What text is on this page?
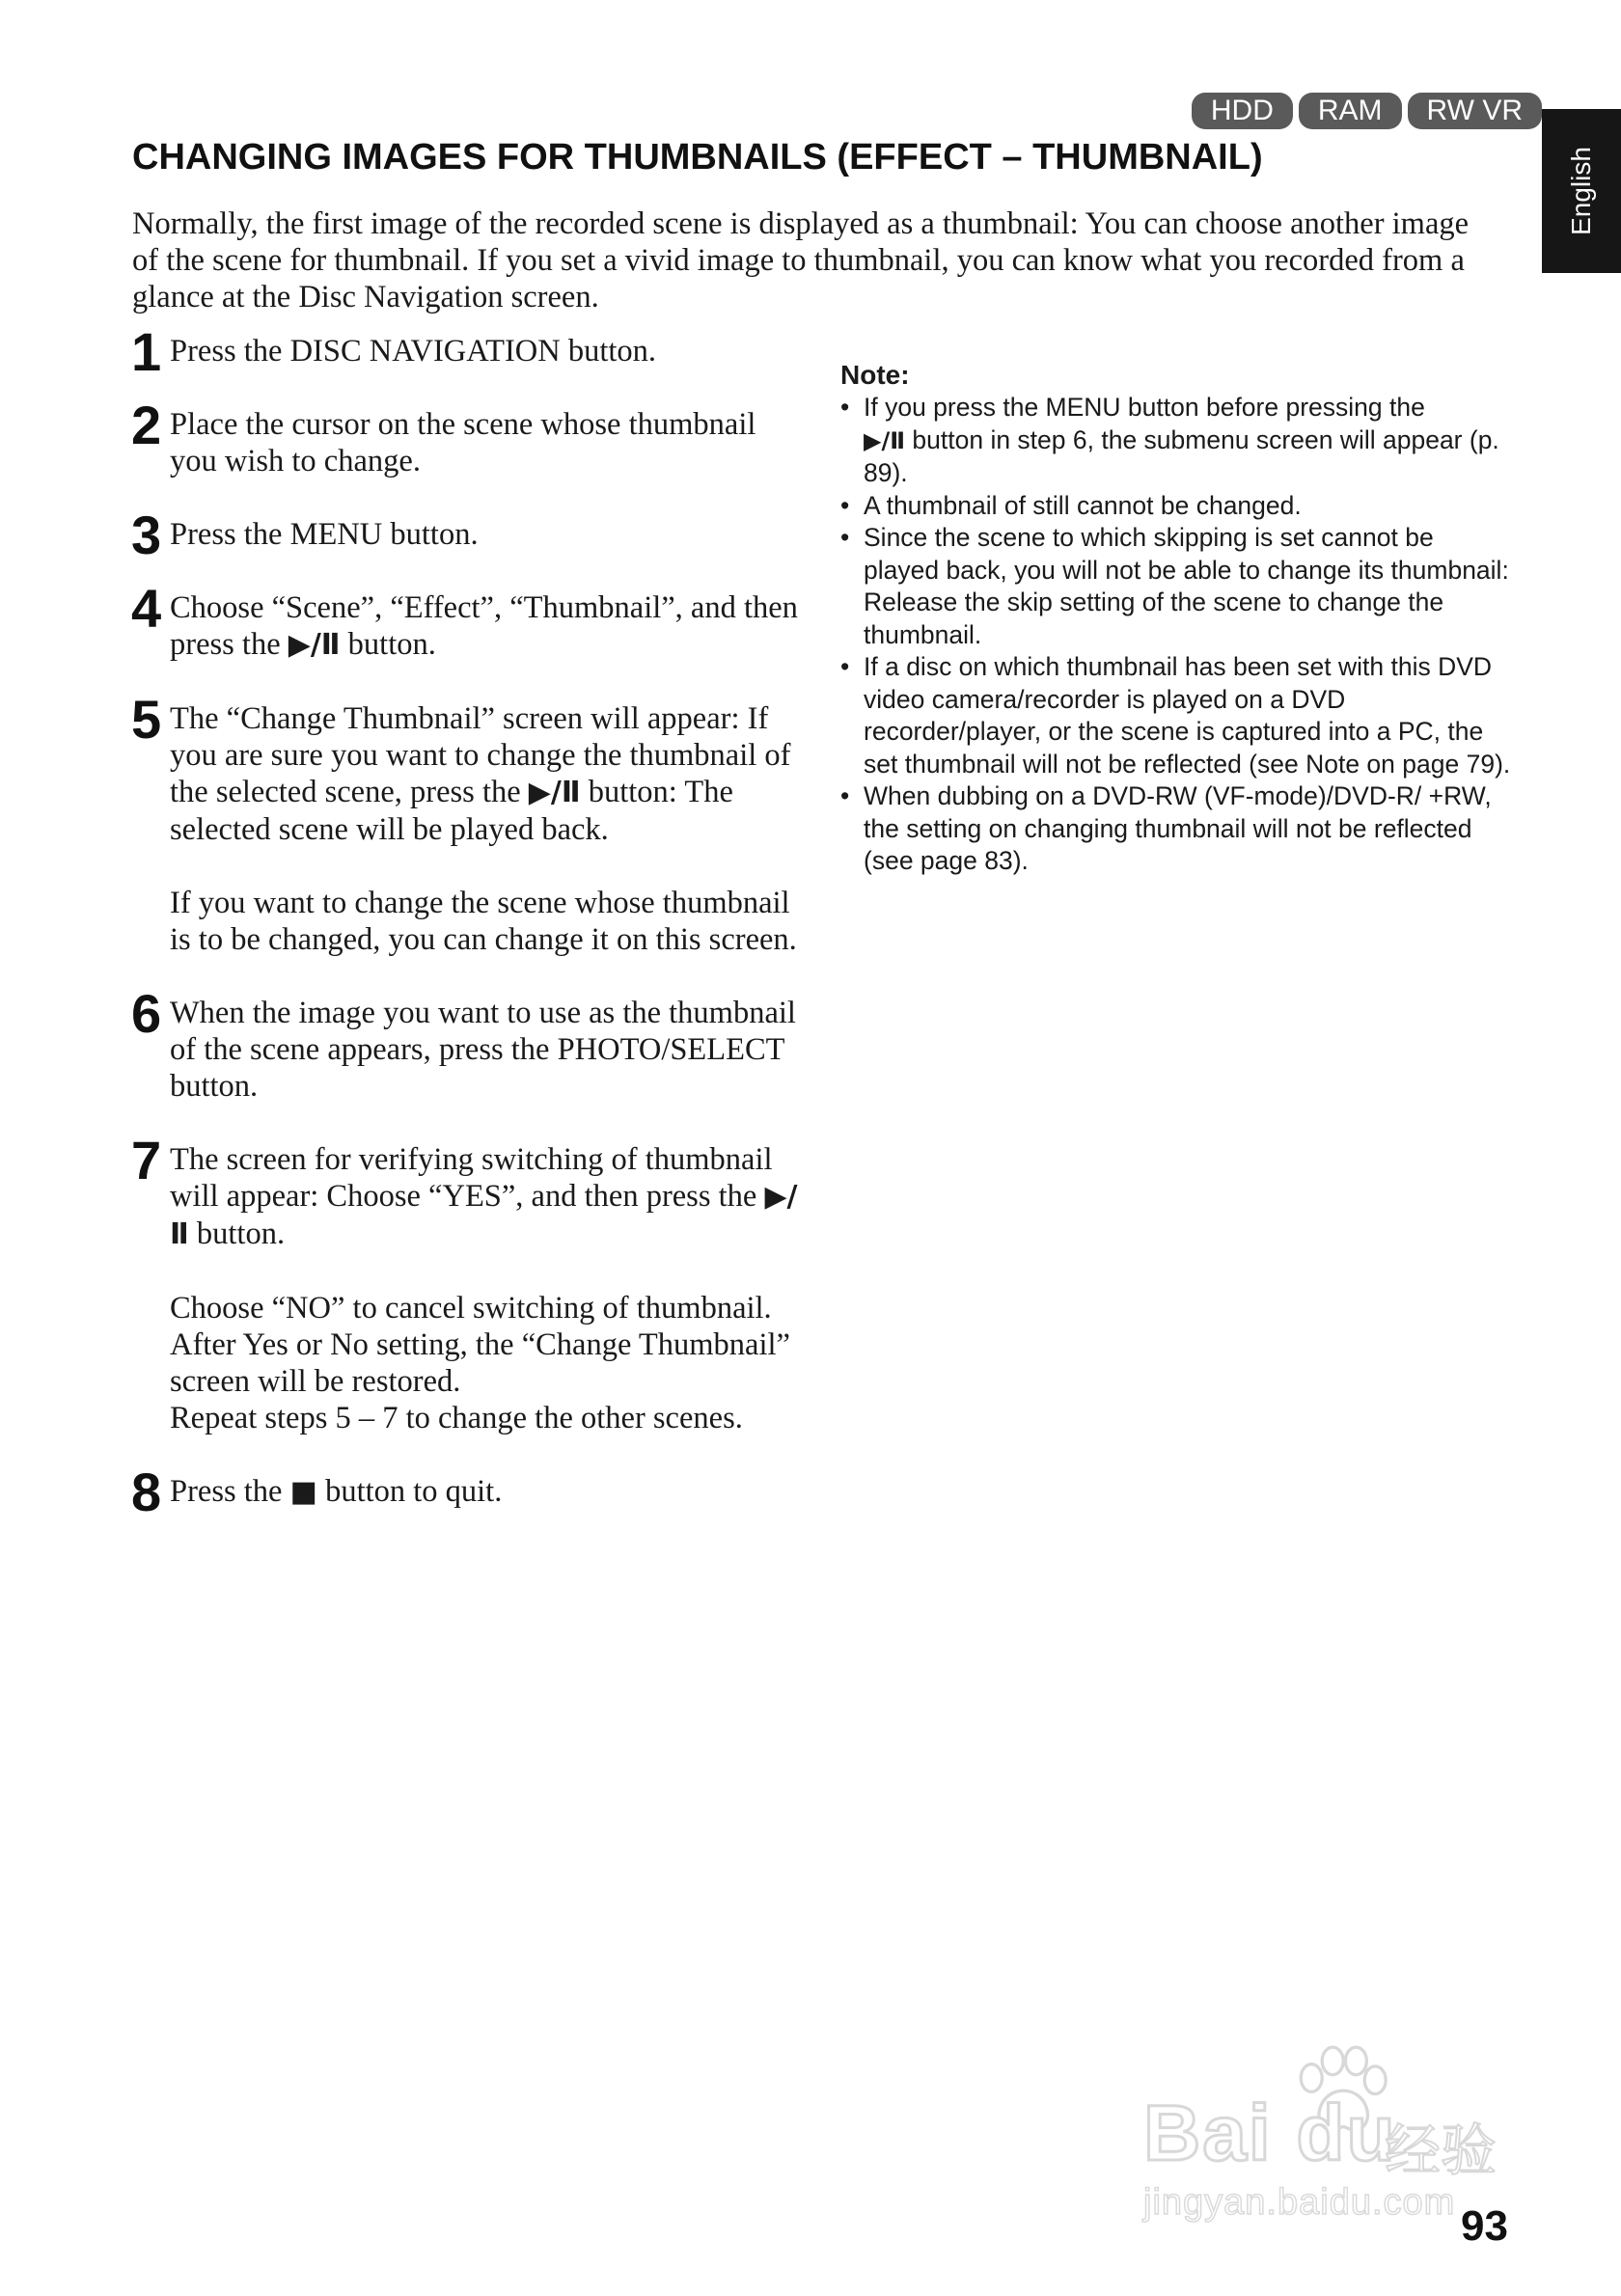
HDD	RAM	RW VR
English
CHANGING IMAGES FOR THUMBNAILS (EFFECT – THUMBNAIL)

Normally, the first image of the recorded scene is displayed as a thumbnail: You can choose another image of the scene for thumbnail. If you set a vivid image to thumbnail, you can know what you recorded from a glance at the Disc Navigation screen.

1 Press the DISC NAVIGATION button.

2 Place the cursor on the scene whose thumbnail you wish to change.

3 Press the MENU button.

4 Choose “Scene”, “Effect”, “Thumbnail”, and then press the ▶/Ⅱ button.

5 The “Change Thumbnail” screen will appear: If you are sure you want to change the thumbnail of the selected scene, press the ▶/Ⅱ button: The selected scene will be played back.

If you want to change the scene whose thumbnail is to be changed, you can change it on this screen.

6 When the image you want to use as the thumbnail of the scene appears, press the PHOTO/SELECT button.

7 The screen for verifying switching of thumbnail will appear: Choose “YES”, and then press the ▶/Ⅱ button.

Choose “NO” to cancel switching of thumbnail.

After Yes or No setting, the “Change Thumbnail” screen will be restored.

Repeat steps 5 – 7 to change the other scenes.

8 Press the ■ button to quit.

Note:
• If you press the MENU button before pressing the
▶/Ⅱ button in step 6, the submenu screen will appear (p. 89).
• A thumbnail of still cannot be changed.
• Since the scene to which skipping is set cannot be played back, you will not be able to change its thumbnail: Release the skip setting of the scene to change the thumbnail.
• If a disc on which thumbnail has been set with this DVD video camera/recorder is played on a DVD recorder/player, or the scene is captured into a PC, the set thumbnail will not be reflected (see Note on page 79).
• When dubbing on a DVD-RW (VF-mode)/DVD-R/ +RW, the setting on changing thumbnail will not be reflected (see page 83).
Bai du
经验
jingyan.baidu.com 93
